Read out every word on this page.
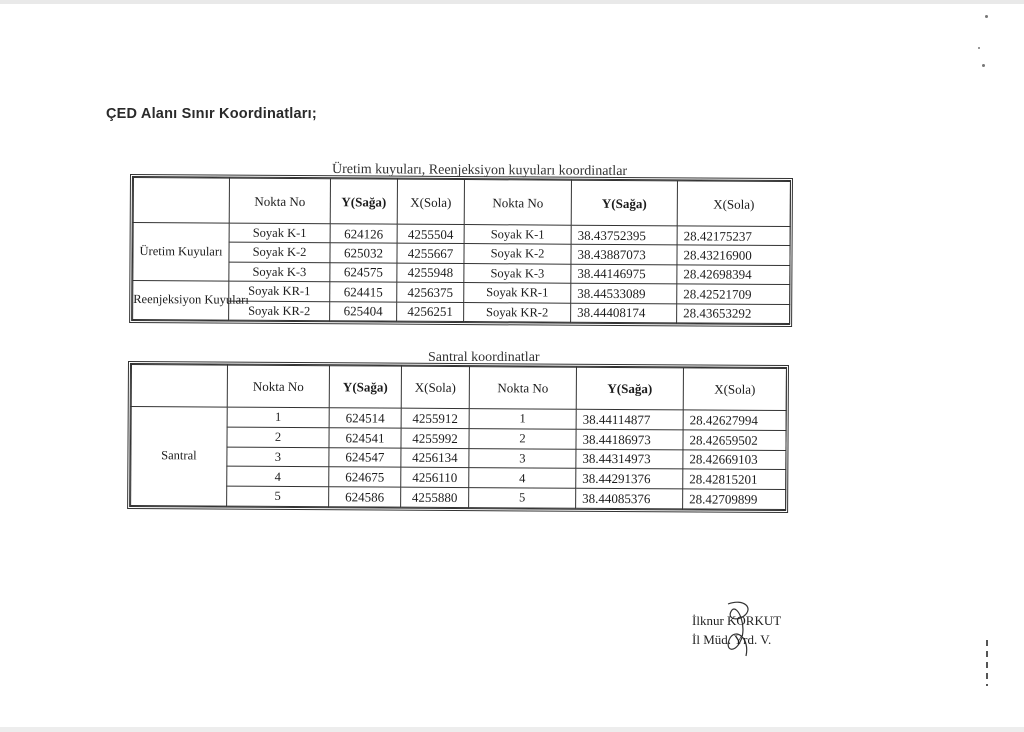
ÇED Alanı Sınır Koordinatları;
Üretim kuyuları, Reenjeksiyon kuyuları koordinatlar
	Nokta No	Y(Sağa)	X(Sola)	Nokta No	Y(Sağa)	X(Sola)
Üretim Kuyuları	Soyak K-1	624126	4255504	Soyak K-1	38.43752395	28.42175237
	Soyak K-2	625032	4255667	Soyak K-2	38.43887073	28.43216900
	Soyak K-3	624575	4255948	Soyak K-3	38.44146975	28.42698394
Reenjeksiyon Kuyuları	Soyak KR-1	624415	4256375	Soyak KR-1	38.44533089	28.42521709
	Soyak KR-2	625404	4256251	Soyak KR-2	38.44408174	28.43653292
Santral koordinatlar
	Nokta No	Y(Sağa)	X(Sola)	Nokta No	Y(Sağa)	X(Sola)
Santral	1	624514	4255912	1	38.44114877	28.42627994
	2	624541	4255992	2	38.44186973	28.42659502
	3	624547	4256134	3	38.44314973	28.42669103
	4	624675	4256110	4	38.44291376	28.42815201
	5	624586	4255880	5	38.44085376	28.42709899
İlknur KORKUT
İl Müd. Yrd. V.
